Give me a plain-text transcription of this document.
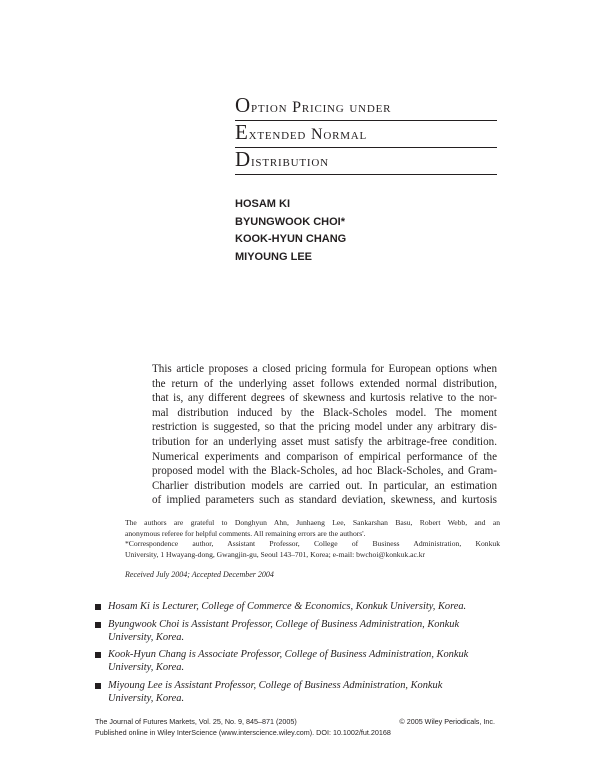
Option Pricing under
Extended Normal
Distribution
HOSAM KI
BYUNGWOOK CHOI*
KOOK-HYUN CHANG
MIYOUNG LEE
This article proposes a closed pricing formula for European options when
the return of the underlying asset follows extended normal distribution,
that is, any different degrees of skewness and kurtosis relative to the nor-
mal distribution induced by the Black-Scholes model. The moment
restriction is suggested, so that the pricing model under any arbitrary dis-
tribution for an underlying asset must satisfy the arbitrage-free condition.
Numerical experiments and comparison of empirical performance of the
proposed model with the Black-Scholes, ad hoc Black-Scholes, and Gram-
Charlier distribution models are carried out. In particular, an estimation
of implied parameters such as standard deviation, skewness, and kurtosis
The authors are grateful to Donghyun Ahn, Junhaeng Lee, Sankarshan Basu, Robert Webb, and an
anonymous referee for helpful comments. All remaining errors are the authors'.
*Correspondence author, Assistant Professor, College of Business Administration, Konkuk
University, 1 Hwayang-dong, Gwangjin-gu, Seoul 143–701, Korea; e-mail: bwchoi@konkuk.ac.kr
Received July 2004; Accepted December 2004
Hosam Ki is Lecturer, College of Commerce & Economics, Konkuk University, Korea.
Byungwook Choi is Assistant Professor, College of Business Administration, Konkuk
University, Korea.
Kook-Hyun Chang is Associate Professor, College of Business Administration, Konkuk
University, Korea.
Miyoung Lee is Assistant Professor, College of Business Administration, Konkuk
University, Korea.
The Journal of Futures Markets, Vol. 25, No. 9, 845–871 (2005)	© 2005 Wiley Periodicals, Inc.
Published online in Wiley InterScience (www.interscience.wiley.com). DOI: 10.1002/fut.20168
